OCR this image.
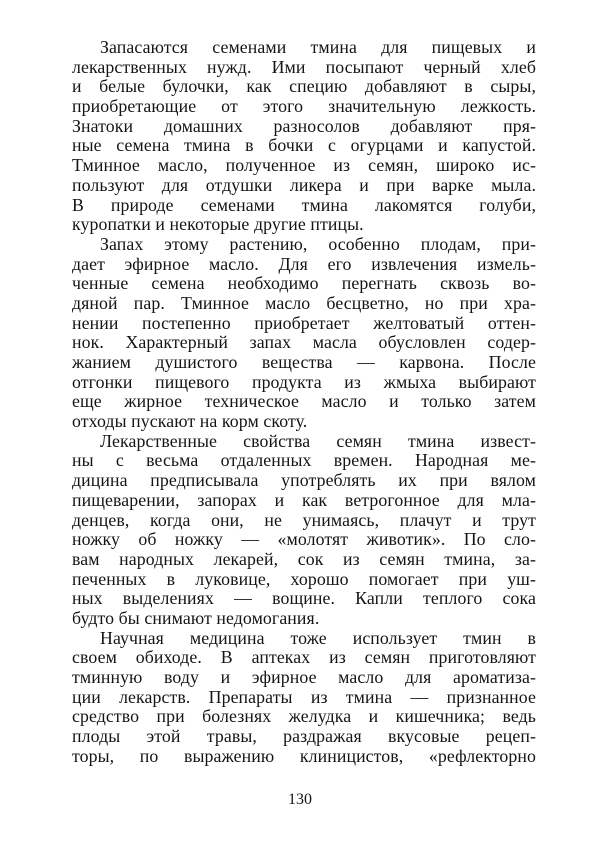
Запасаются семенами тмина для пищевых и
лекарственных нужд. Ими посыпают черный хлеб
и белые булочки, как специю добавляют в сыры,
приобретающие от этого значительную лежкость.
Знатоки домашних разносолов добавляют пря-
ные семена тмина в бочки с огурцами и капустой.
Тминное масло, полученное из семян, широко ис-
пользуют для отдушки ликера и при варке мыла.
В природе семенами тмина лакомятся голуби,
куропатки и некоторые другие птицы.
Запах этому растению, особенно плодам, при-
дает эфирное масло. Для его извлечения измель-
ченные семена необходимо перегнать сквозь во-
дяной пар. Тминное масло бесцветно, но при хра-
нении постепенно приобретает желтоватый оттен-
нок. Характерный запах масла обусловлен содер-
жанием душистого вещества — карвона. После
отгонки пищевого продукта из жмыха выбирают
еще жирное техническое масло и только затем
отходы пускают на корм скоту.
Лекарственные свойства семян тмина извест-
ны с весьма отдаленных времен. Народная ме-
дицина предписывала употреблять их при вялом
пищеварении, запорах и как ветрогонное для мла-
денцев, когда они, не унимаясь, плачут и трут
ножку об ножку — «молотят животик». По сло-
вам народных лекарей, сок из семян тмина, за-
печенных в луковице, хорошо помогает при уш-
ных выделениях — вощине. Капли теплого сока
будто бы снимают недомогания.
Научная медицина тоже использует тмин в
своем обиходе. В аптеках из семян приготовляют
тминную воду и эфирное масло для ароматиза-
ции лекарств. Препараты из тмина — признанное
средство при болезнях желудка и кишечника; ведь
плоды этой травы, раздражая вкусовые рецеп-
торы, по выражению клиницистов, «рефлекторно
130
